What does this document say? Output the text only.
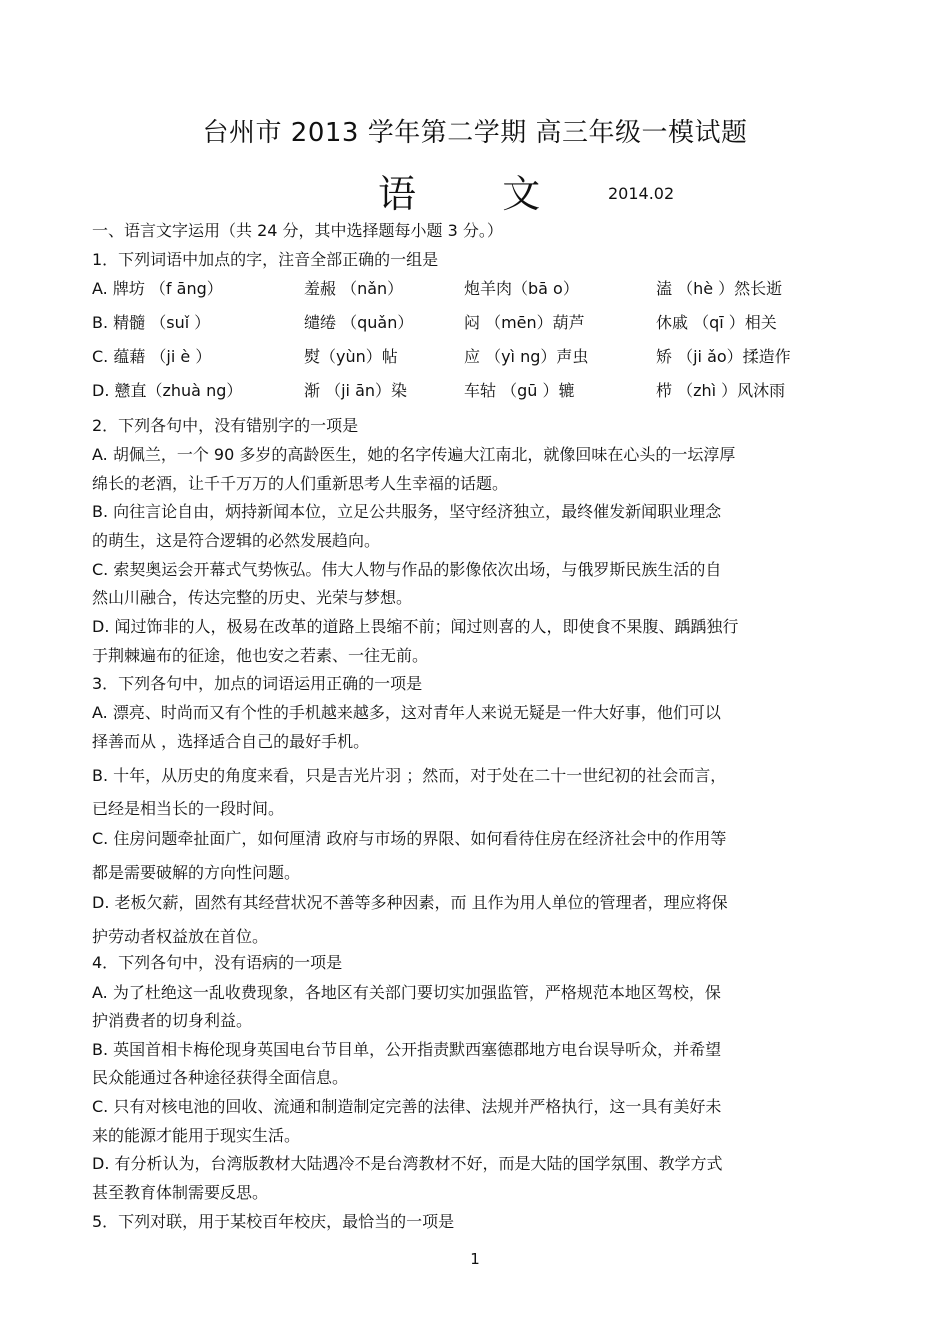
台州市 2013 学年第二学期 高三年级一模试题
语 文	2014.02
一、语言文字运用（共 24 分，其中选择题每小题 3 分。）
1．下列词语中加点的字，注音全部正确的一组是
A. 牌坊 （f āng）	羞赧 （nǎn）	炮羊肉（bā o）	溘 （hè ）然长逝
B. 精髓 （suǐ ）	缱绻 （quǎn）	闷 （mēn）葫芦	休戚 （qī ）相关
C. 蕴藉 （ji è ）	熨（yùn）帖	应 （yì ng）声虫	矫 （ji ǎo）揉造作
D. 戆直（zhuà ng）	渐 （ji ān）染	车轱 （gū ）辘	栉 （zhì ）风沐雨
2．下列各句中，没有错别字的一项是
A. 胡佩兰，一个 90 多岁的高龄医生，她的名字传遍大江南北，就像回味在心头的一坛淳厚
绵长的老酒，让千千万万的人们重新思考人生幸福的话题。
B. 向往言论自由，炳持新闻本位，立足公共服务，坚守经济独立，最终催发新闻职业理念
的萌生，这是符合逻辑的必然发展趋向。
C. 索契奥运会开幕式气势恢弘。伟大人物与作品的影像依次出场，与俄罗斯民族生活的自
然山川融合，传达完整的历史、光荣与梦想。
D. 闻过饰非的人，极易在改革的道路上畏缩不前；闻过则喜的人，即使食不果腹、踽踽独行
于荆棘遍布的征途，他也安之若素、一往无前。
3．下列各句中，加点的词语运用正确的一项是
A. 漂亮、时尚而又有个性的手机越来越多，这对青年人来说无疑是一件大好事，他们可以
择善而从 ，选择适合自己的最好手机。
B. 十年，从历史的角度来看，只是吉光片羽 ；然而，对于处在二十一世纪初的社会而言，
已经是相当长的一段时间。
C. 住房问题牵扯面广，如何厘清 政府与市场的界限、如何看待住房在经济社会中的作用等
都是需要破解的方向性问题。
D. 老板欠薪，固然有其经营状况不善等多种因素，而 且作为用人单位的管理者，理应将保
护劳动者权益放在首位。
4．下列各句中，没有语病的一项是
A. 为了杜绝这一乱收费现象，各地区有关部门要切实加强监管，严格规范本地区驾校，保
护消费者的切身利益。
B. 英国首相卡梅伦现身英国电台节目单，公开指责默西塞德郡地方电台误导听众，并希望
民众能通过各种途径获得全面信息。
C. 只有对核电池的回收、流通和制造制定完善的法律、法规并严格执行，这一具有美好未
来的能源才能用于现实生活。
D. 有分析认为，台湾版教材大陆遇冷不是台湾教材不好，而是大陆的国学氛围、教学方式
甚至教育体制需要反思。
5．下列对联，用于某校百年校庆，最恰当的一项是
1
